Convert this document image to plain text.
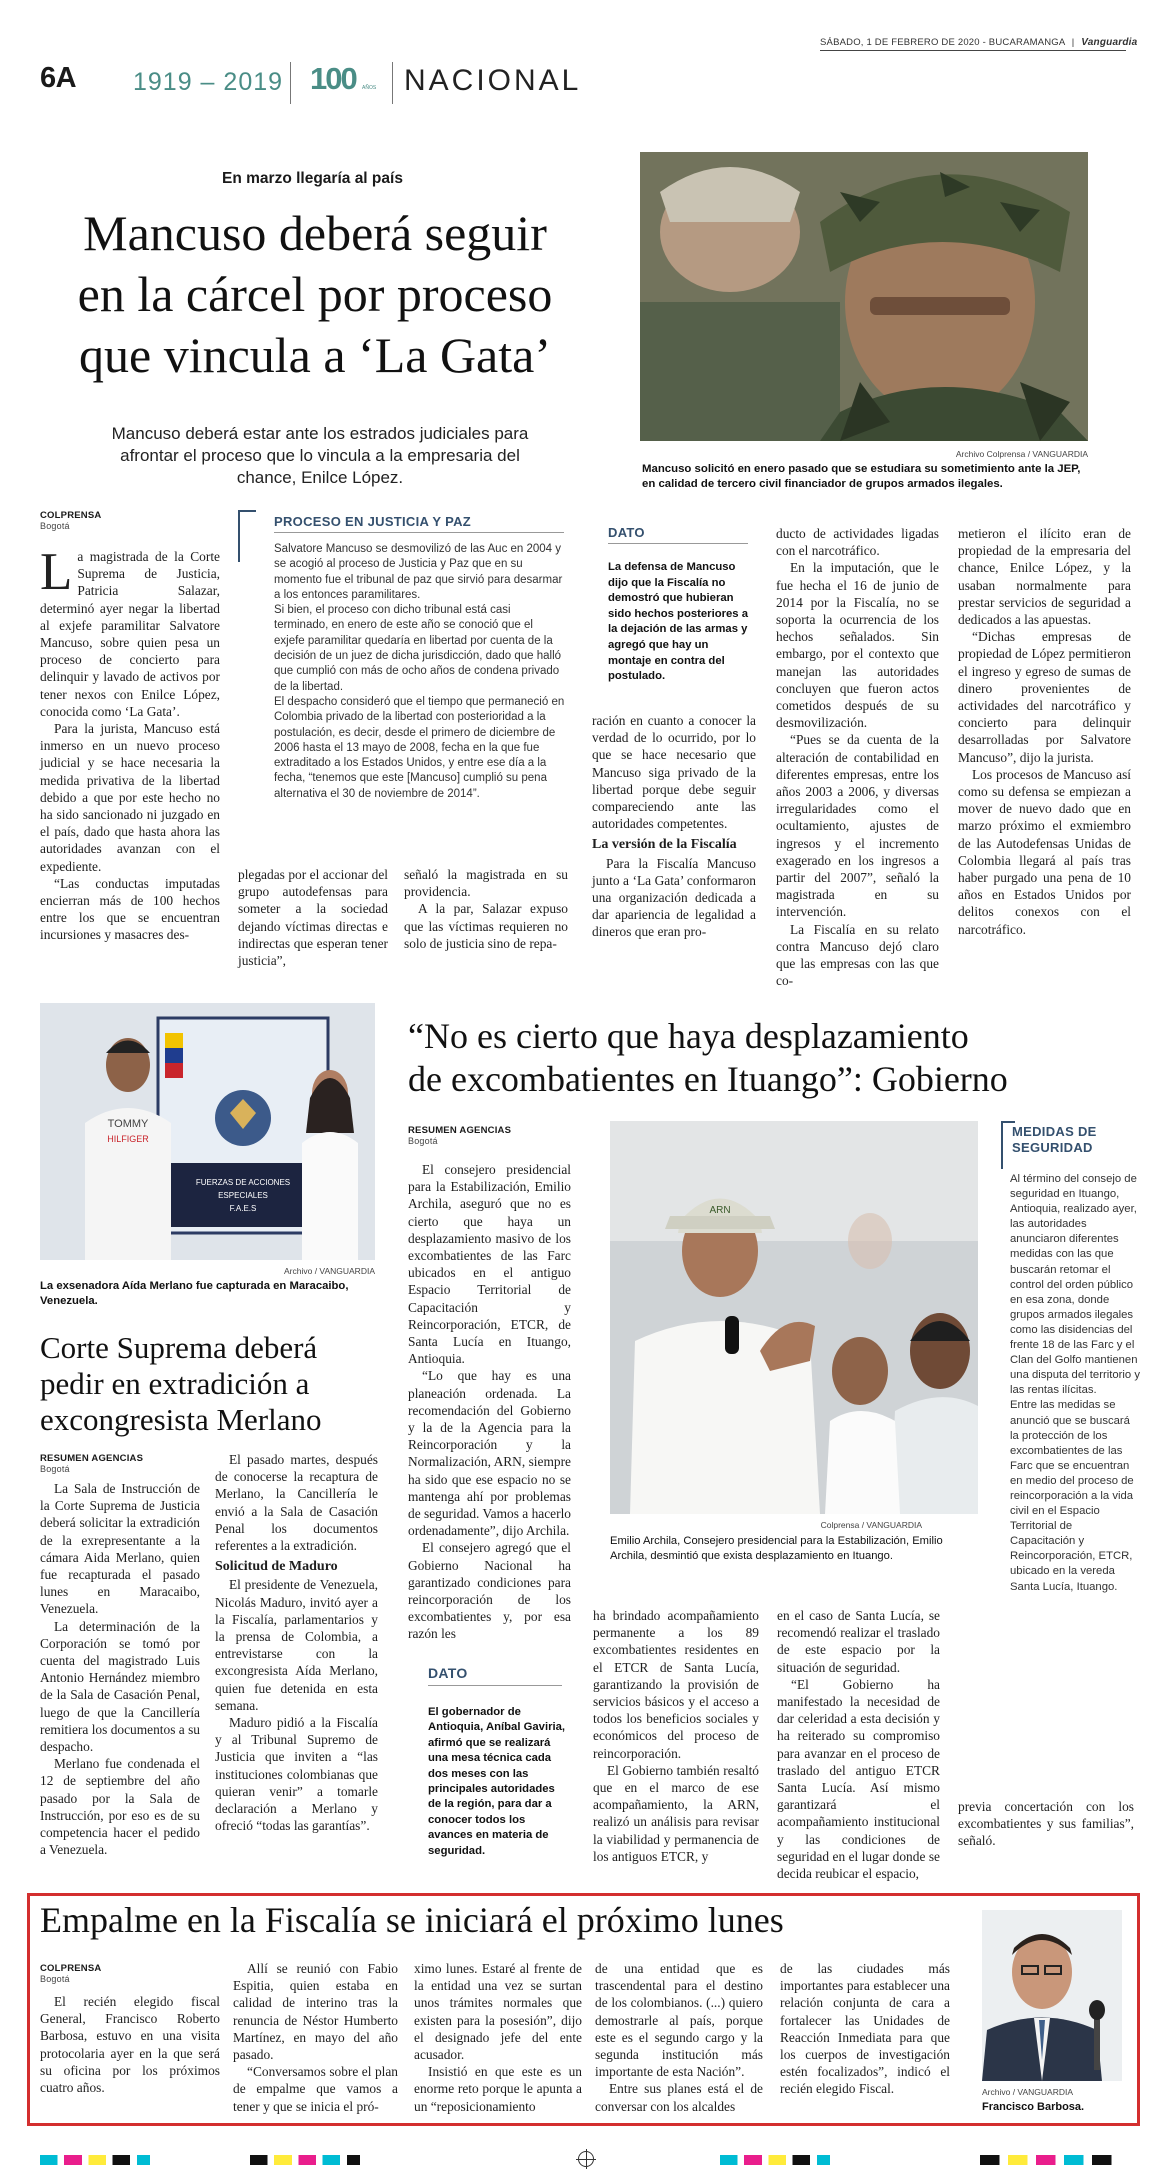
SÁBADO, 1 DE FEBRERO DE 2020 - BUCARAMANGA | Vanguardia
6A 1919 – 2019 100 AÑOS NACIONAL
En marzo llegaría al país
Mancuso deberá seguir
en la cárcel por proceso
que vincula a ‘La Gata’
Mancuso deberá estar ante los estrados judiciales para afrontar el proceso que lo vincula a la empresaria del chance, Enilce López.
Archivo Colprensa / VANGUARDIA
Mancuso solicitó en enero pasado que se estudiara su sometimiento ante la JEP, en calidad de tercero civil financiador de grupos armados ilegales.
COLPRENSA
Bogotá

La magistrada de la Corte Suprema de Justicia, Patricia Salazar, determinó ayer negar la libertad al exjefe paramilitar Salvatore Mancuso, sobre quien pesa un proceso de concierto para delinquir y lavado de activos por tener nexos con Enilce López, conocida como ‘La Gata’.

Para la jurista, Mancuso está inmerso en un nuevo proceso judicial y se hace necesaria la medida privativa de la libertad debido a que por este hecho no ha sido sancionado ni juzgado en el país, dado que hasta ahora las autoridades avanzan con el expediente.

“Las conductas imputadas encierran más de 100 hechos entre los que se encuentran incursiones y masacres des-

PROCESO EN JUSTICIA Y PAZ

Salvatore Mancuso se desmovilizó de las Auc en 2004 y se acogió al proceso de Justicia y Paz que en su momento fue el tribunal de paz que sirvió para desarmar a los entonces paramilitares.

Si bien, el proceso con dicho tribunal está casi terminado, en enero de este año se conoció que el exjefe paramilitar quedaría en libertad por cuenta de la decisión de un juez de dicha jurisdicción, dado que halló que cumplió con más de ocho años de condena privado de la libertad.

El despacho consideró que el tiempo que permaneció en Colombia privado de la libertad con posterioridad a la postulación, es decir, desde el primero de diciembre de 2006 hasta el 13 mayo de 2008, fecha en la que fue extraditado a los Estados Unidos, y entre ese día a la fecha, “tenemos que este [Mancuso] cumplió su pena alternativa el 30 de noviembre de 2014”.

plegadas por el accionar del grupo autodefensas para someter a la sociedad dejando víctimas directas e indirectas que esperan tener justicia”,

señaló la magistrada en su providencia.

A la par, Salazar expuso que las víctimas requieren no solo de justicia sino de repa-

DATO
La defensa de Mancuso dijo que la Fiscalía no demostró que hubieran sido hechos posteriores a la dejación de las armas y agregó que hay un montaje en contra del postulado.

ración en cuanto a conocer la verdad de lo ocurrido, por lo que se hace necesario que Mancuso siga privado de la libertad porque debe seguir compareciendo ante las autoridades competentes.

La versión de la Fiscalía

Para la Fiscalía Mancuso junto a ‘La Gata’ conformaron una organización dedicada a dar apariencia de legalidad a dineros que eran pro-

ducto de actividades ligadas con el narcotráfico.

En la imputación, que le fue hecha el 16 de junio de 2014 por la Fiscalía, no se soporta la ocurrencia de los hechos señalados. Sin embargo, por el contexto que manejan las autoridades concluyen que fueron actos cometidos después de su desmovilización.

“Pues se da cuenta de la alteración de contabilidad en diferentes empresas, entre los años 2003 a 2006, y diversas irregularidades como el ocultamiento, ajustes de ingresos y el incremento exagerado en los ingresos a partir del 2007”, señaló la magistrada en su intervención.

La Fiscalía en su relato contra Mancuso dejó claro que las empresas con las que co-

metieron el ilícito eran de propiedad de la empresaria del chance, Enilce López, y la usaban normalmente para prestar servicios de seguridad a dedicados a las apuestas.

“Dichas empresas de propiedad de López permitieron el ingreso y egreso de sumas de dinero provenientes de actividades del narcotráfico y concierto para delinquir desarrolladas por Salvatore Mancuso”, dijo la jurista.

Los procesos de Mancuso así como su defensa se empiezan a mover de nuevo dado que en marzo próximo el exmiembro de las Autodefensas Unidas de Colombia llegará al país tras haber purgado una pena de 10 años en Estados Unidos por delitos conexos con el narcotráfico.

FUERZAS DE ACCIONES
ESPECIALES
F.A.E.S
TOMMY
HILFIGER
Archivo / VANGUARDIA
La exsenadora Aída Merlano fue capturada en Maracaibo, Venezuela.
Corte Suprema deberá
pedir en extradición a
excongresista Merlano
RESUMEN AGENCIAS
Bogotá

La Sala de Instrucción de la Corte Suprema de Justicia deberá solicitar la extradición de la exrepresentante a la cámara Aida Merlano, quien fue recapturada el pasado lunes en Maracaibo, Venezuela.

La determinación de la Corporación se tomó por cuenta del magistrado Luis Antonio Hernández miembro de la Sala de Casación Penal, luego de que la Cancillería remitiera los documentos a su despacho.

Merlano fue condenada el 12 de septiembre del año pasado por la Sala de Instrucción, por eso es de su competencia hacer el pedido a Venezuela.

El pasado martes, después de conocerse la recaptura de Merlano, la Cancillería le envió a la Sala de Casación Penal los documentos referentes a la extradición.

Solicitud de Maduro

El presidente de Venezuela, Nicolás Maduro, invitó ayer a la Fiscalía, parlamentarios y la prensa de Colombia, a entrevistarse con la excongresista Aída Merlano, quien fue detenida en esta semana.

Maduro pidió a la Fiscalía y al Tribunal Supremo de Justicia que inviten a “las instituciones colombianas que quieran venir” a tomarle declaración a Merlano y ofreció “todas las garantías”.

“No es cierto que haya desplazamiento
de excombatientes en Ituango”: Gobierno
RESUMEN AGENCIAS
Bogotá

El consejero presidencial para la Estabilización, Emilio Archila, aseguró que no es cierto que haya un desplazamiento masivo de los excombatientes de las Farc ubicados en el antiguo Espacio Territorial de Capacitación y Reincorporación, ETCR, de Santa Lucía en Ituango, Antioquia.

“Lo que hay es una planeación ordenada. La recomendación del Gobierno y la de la Agencia para la Reincorporación y la Normalización, ARN, siempre ha sido que ese espacio no se mantenga ahí por problemas de seguridad. Vamos a hacerlo ordenadamente”, dijo Archila.

El consejero agregó que el Gobierno Nacional ha garantizado condiciones para reincorporación de los excombatientes y, por esa razón les

ARN
Colprensa / VANGUARDIA
Emilio Archila, Consejero presidencial para la Estabilización, Emilio Archila, desmintió que exista desplazamiento en Ituango.
MEDIDAS DE SEGURIDAD

Al término del consejo de seguridad en Ituango, Antioquia, realizado ayer, las autoridades anunciaron diferentes medidas con las que buscarán retomar el control del orden público en esa zona, donde grupos armados ilegales como las disidencias del frente 18 de las Farc y el Clan del Golfo mantienen una disputa del territorio y las rentas ilícitas.

Entre las medidas se anunció que se buscará la protección de los excombatientes de las Farc que se encuentran en medio del proceso de reincorporación a la vida civil en el Espacio Territorial de Capacitación y Reincorporación, ETCR, ubicado en la vereda Santa Lucía, Ituango.

DATO
El gobernador de Antioquia, Aníbal Gaviria, afirmó que se realizará una mesa técnica cada dos meses con las principales autoridades de la región, para dar a conocer todos los avances en materia de seguridad.

ha brindado acompañamiento permanente a los 89 excombatientes residentes en el ETCR de Santa Lucía, garantizando la provisión de servicios básicos y el acceso a todos los beneficios sociales y económicos del proceso de reincorporación.

El Gobierno también resaltó que en el marco de ese acompañamiento, la ARN, realizó un análisis para revisar la viabilidad y permanencia de los antiguos ETCR, y

en el caso de Santa Lucía, se recomendó realizar el traslado de este espacio por la situación de seguridad.

“El Gobierno ha manifestado la necesidad de dar celeridad a esta decisión y ha reiterado su compromiso para avanzar en el proceso de traslado del antiguo ETCR Santa Lucía. Así mismo garantizará el acompañamiento institucional y las condiciones de seguridad en el lugar donde se decida reubicar el espacio,

previa concertación con los excombatientes y sus familias”, señaló.
Empalme en la Fiscalía se iniciará el próximo lunes
COLPRENSA
Bogotá

El recién elegido fiscal General, Francisco Roberto Barbosa, estuvo en una visita protocolaria ayer en la que será su oficina por los próximos cuatro años.

Allí se reunió con Fabio Espitia, quien estaba en calidad de interino tras la renuncia de Néstor Humberto Martínez, en mayo del año pasado.

“Conversamos sobre el plan de empalme que vamos a tener y que se inicia el pró-

ximo lunes. Estaré al frente de la entidad una vez se surtan unos trámites normales que existen para la posesión”, dijo el designado jefe del ente acusador.

Insistió en que este es un enorme reto porque le apunta a un “reposicionamiento

de una entidad que es trascendental para el destino de los colombianos. (...) quiero demostrarle al país, porque este es el segundo cargo y la segunda institución más importante de esta Nación”.

Entre sus planes está el de conversar con los alcaldes

de las ciudades más importantes para establecer una relación conjunta de cara a fortalecer las Unidades de Reacción Inmediata para que los cuerpos de investigación estén focalizados”, indicó el recién elegido Fiscal.	Archivo / VANGUARDIA
Francisco Barbosa.
